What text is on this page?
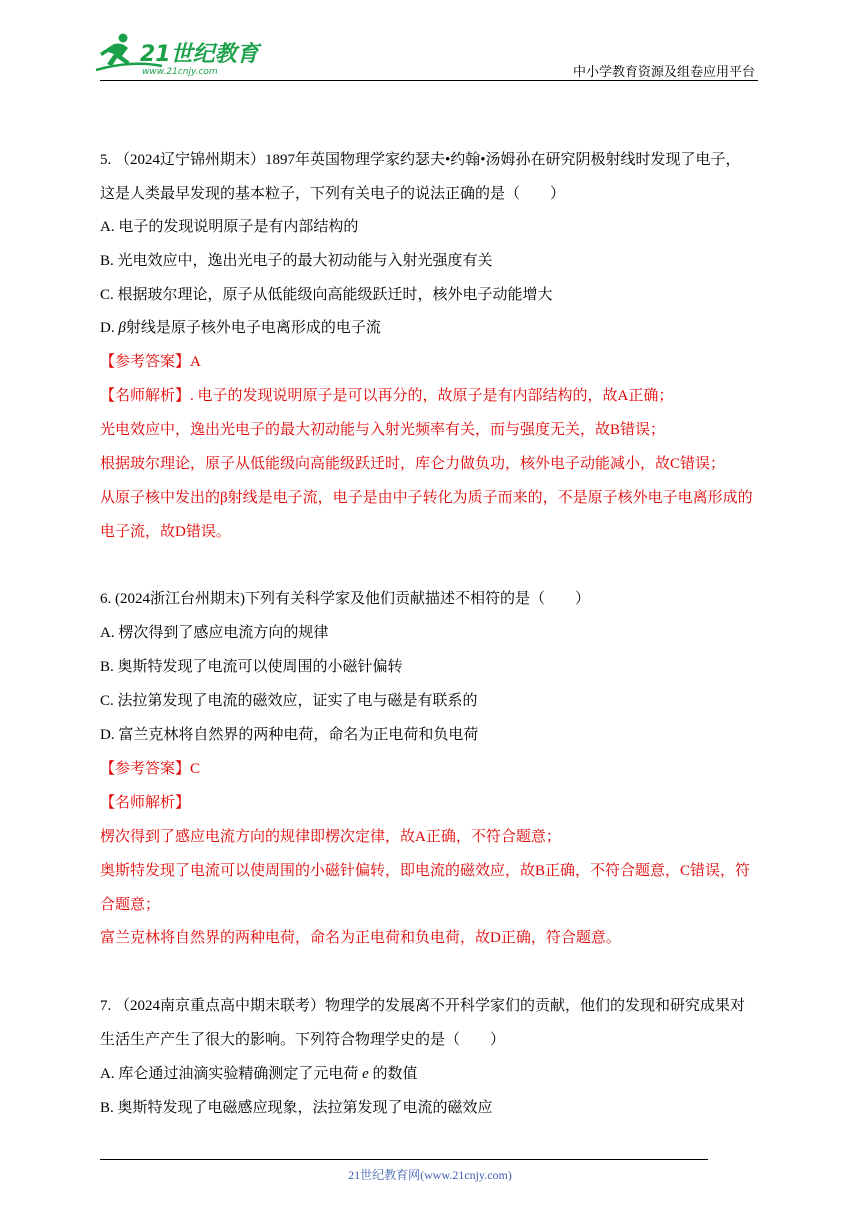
21世纪教育
www.21cnjy.com	中小学教育资源及组卷应用平台
5. （2024辽宁锦州期末）1897年英国物理学家约瑟夫•约翰•汤姆孙在研究阴极射线时发现了电子，
这是人类最早发现的基本粒子，下列有关电子的说法正确的是（　　）
A. 电子的发现说明原子是有内部结构的
B. 光电效应中，逸出光电子的最大初动能与入射光强度有关
C. 根据玻尔理论，原子从低能级向高能级跃迁时，核外电子动能增大
D. β射线是原子核外电子电离形成的电子流
【参考答案】A
【名师解析】. 电子的发现说明原子是可以再分的，故原子是有内部结构的，故A正确；
光电效应中，逸出光电子的最大初动能与入射光频率有关，而与强度无关，故B错误；
根据玻尔理论，原子从低能级向高能级跃迁时，库仑力做负功，核外电子动能减小，故C错误；
从原子核中发出的β射线是电子流，电子是由中子转化为质子而来的，不是原子核外电子电离形成的
电子流，故D错误。
6. (2024浙江台州期末)下列有关科学家及他们贡献描述不相符的是（　　）
A. 楞次得到了感应电流方向的规律
B. 奥斯特发现了电流可以使周围的小磁针偏转
C. 法拉第发现了电流的磁效应，证实了电与磁是有联系的
D. 富兰克林将自然界的两种电荷，命名为正电荷和负电荷
【参考答案】C
【名师解析】
楞次得到了感应电流方向的规律即楞次定律，故A正确，不符合题意；
奥斯特发现了电流可以使周围的小磁针偏转，即电流的磁效应，故B正确，不符合题意，C错误，符
合题意；
富兰克林将自然界的两种电荷，命名为正电荷和负电荷，故D正确，符合题意。
7. （2024南京重点高中期末联考）物理学的发展离不开科学家们的贡献，他们的发现和研究成果对
生活生产产生了很大的影响。下列符合物理学史的是（　　）
A. 库仑通过油滴实验精确测定了元电荷 e 的数值
B. 奥斯特发现了电磁感应现象，法拉第发现了电流的磁效应
21世纪教育网(www.21cnjy.com)
